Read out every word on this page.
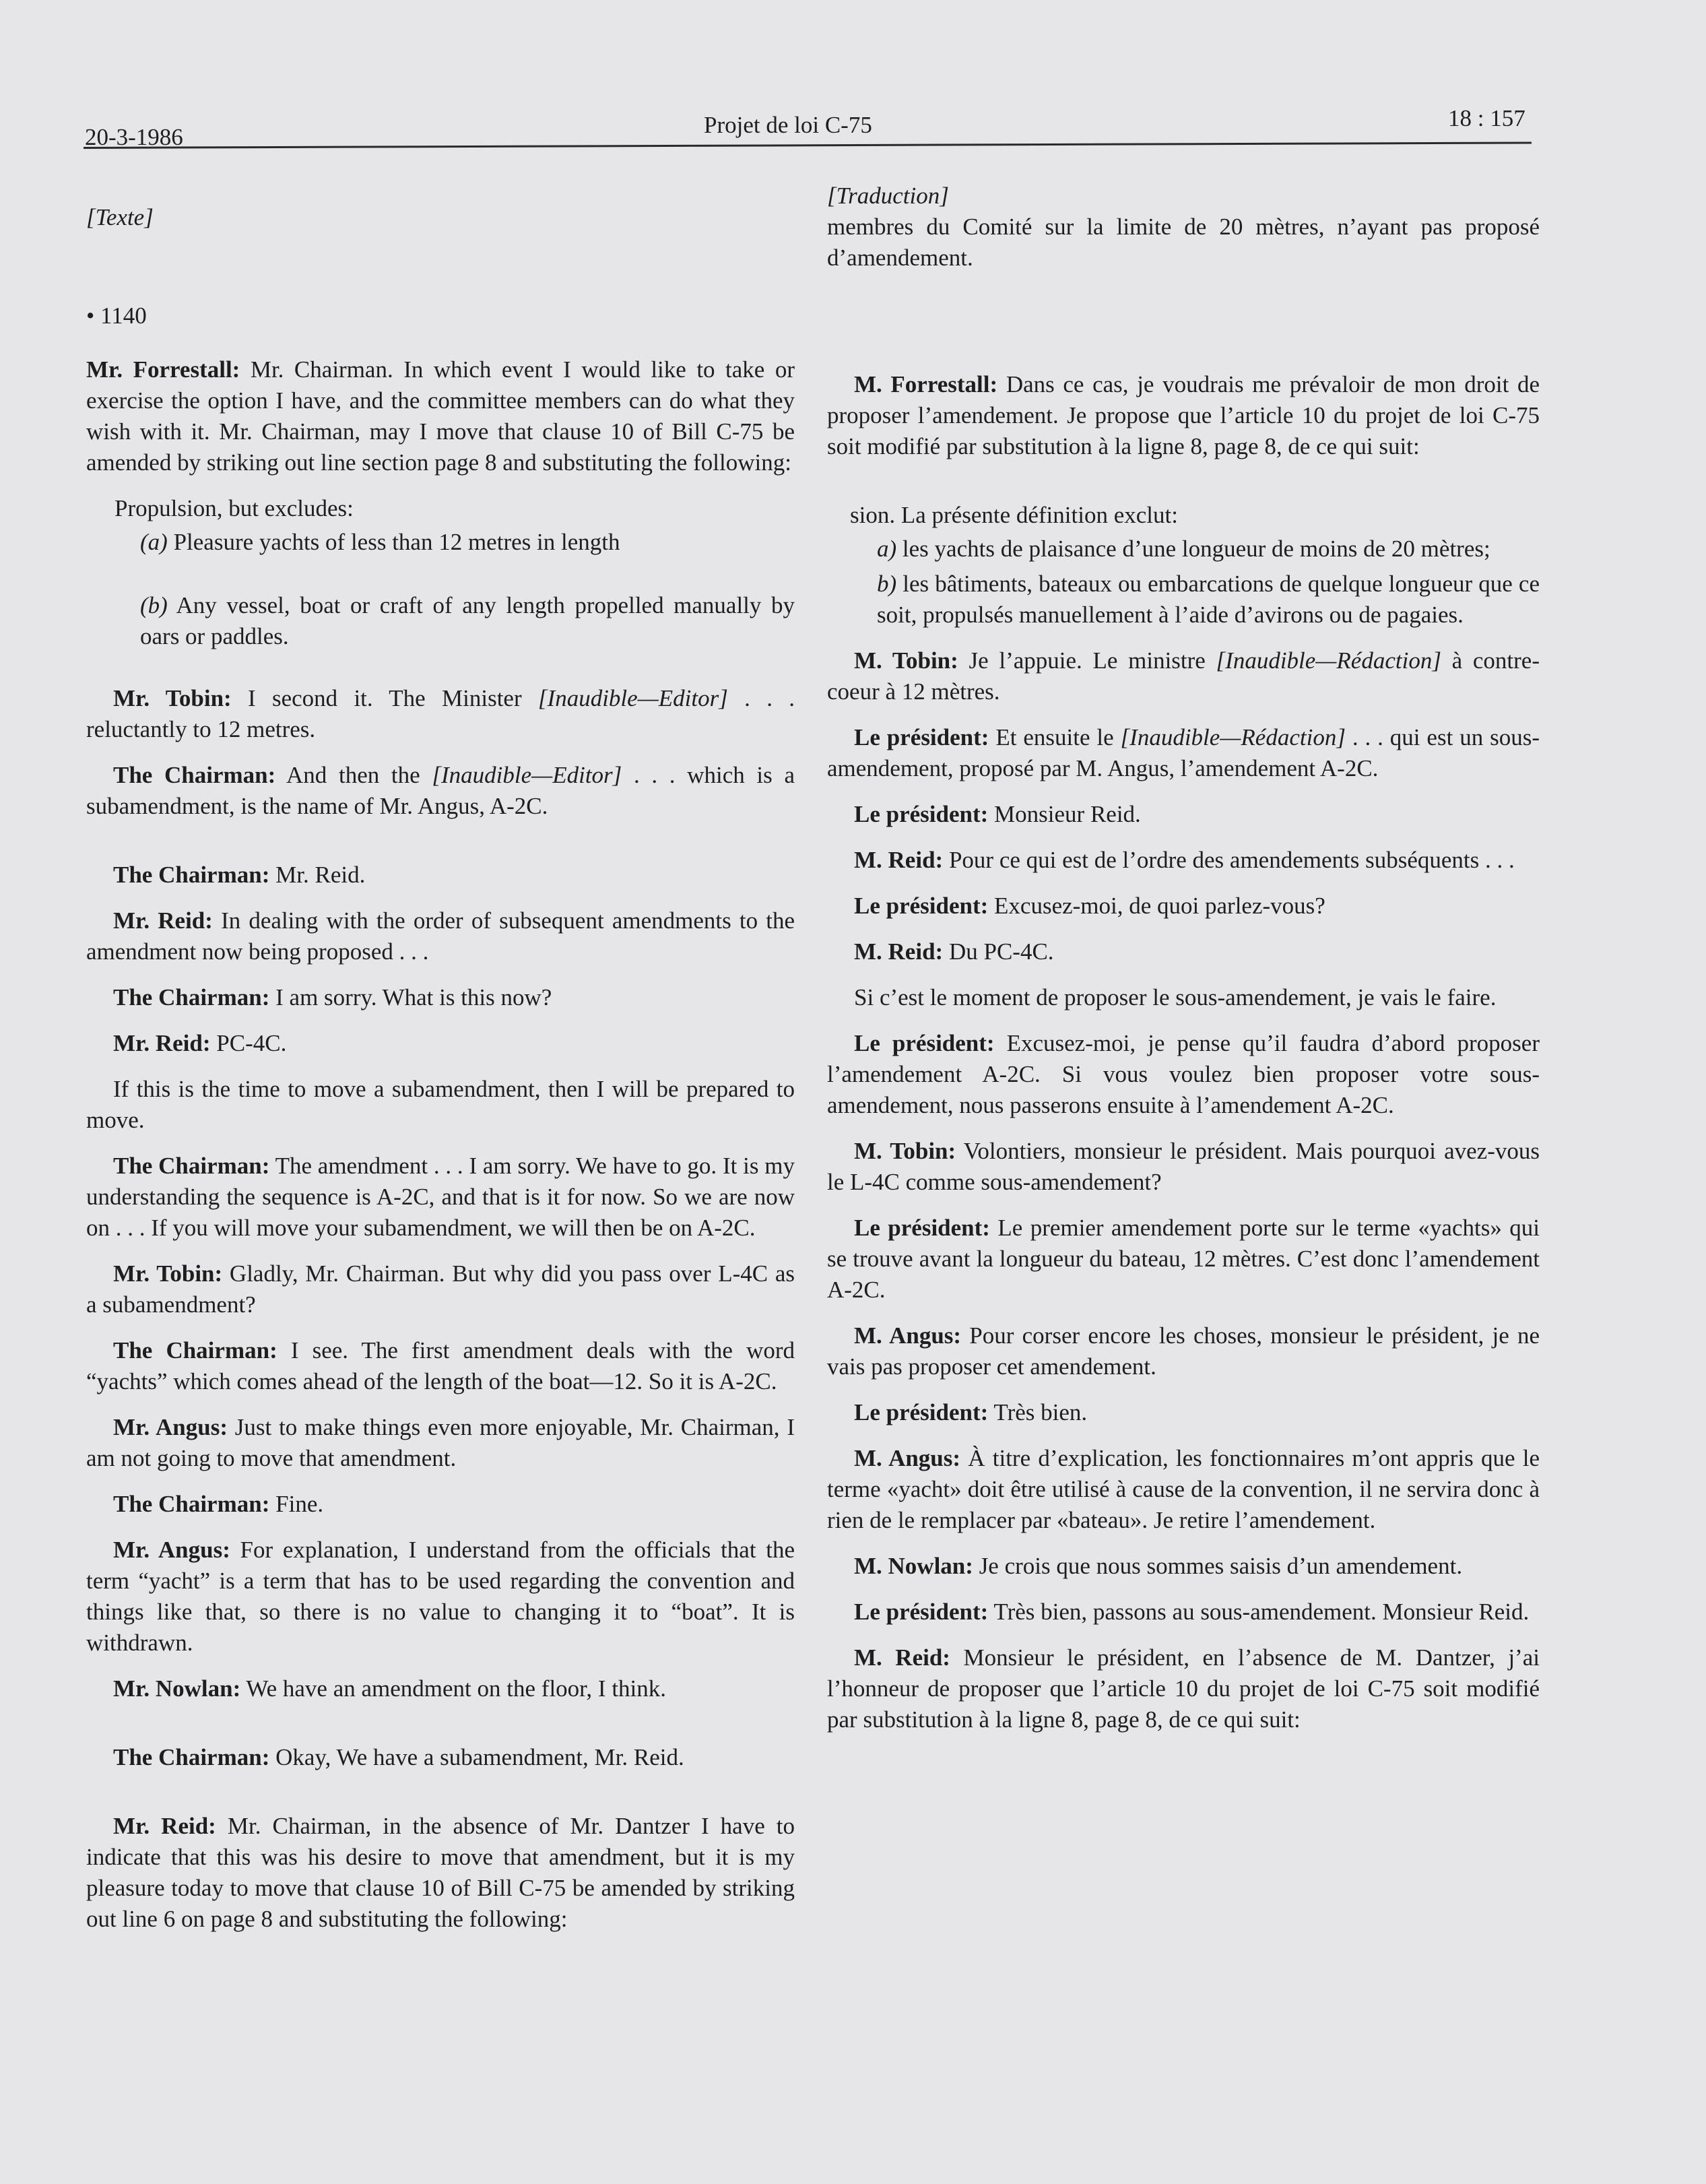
20-3-1986	Projet de loi C-75	18 : 157

[Texte]

• 1140

Mr. Forrestall: Mr. Chairman. In which event I would like to take or exercise the option I have, and the committee members can do what they wish with it. Mr. Chairman, may I move that clause 10 of Bill C-75 be amended by striking out line section page 8 and substituting the following:

Propulsion, but excludes:

(a) Pleasure yachts of less than 12 metres in length

(b) Any vessel, boat or craft of any length propelled manually by oars or paddles.

Mr. Tobin: I second it. The Minister [Inaudible—Editor] . . . reluctantly to 12 metres.

The Chairman: And then the [Inaudible—Editor] . . . which is a subamendment, is the name of Mr. Angus, A-2C.

The Chairman: Mr. Reid.

Mr. Reid: In dealing with the order of subsequent amendments to the amendment now being proposed . . .

The Chairman: I am sorry. What is this now?

Mr. Reid: PC-4C.

If this is the time to move a subamendment, then I will be prepared to move.

The Chairman: The amendment . . . I am sorry. We have to go. It is my understanding the sequence is A-2C, and that is it for now. So we are now on . . . If you will move your subamendment, we will then be on A-2C.

Mr. Tobin: Gladly, Mr. Chairman. But why did you pass over L-4C as a subamendment?

The Chairman: I see. The first amendment deals with the word “yachts” which comes ahead of the length of the boat—12. So it is A-2C.

Mr. Angus: Just to make things even more enjoyable, Mr. Chairman, I am not going to move that amendment.

The Chairman: Fine.

Mr. Angus: For explanation, I understand from the officials that the term “yacht” is a term that has to be used regarding the convention and things like that, so there is no value to changing it to “boat”. It is withdrawn.

Mr. Nowlan: We have an amendment on the floor, I think.

The Chairman: Okay, We have a subamendment, Mr. Reid.

Mr. Reid: Mr. Chairman, in the absence of Mr. Dantzer I have to indicate that this was his desire to move that amendment, but it is my pleasure today to move that clause 10 of Bill C-75 be amended by striking out line 6 on page 8 and substituting the following:

[Traduction]

membres du Comité sur la limite de 20 mètres, n’ayant pas proposé d’amendement.

M. Forrestall: Dans ce cas, je voudrais me prévaloir de mon droit de proposer l’amendement. Je propose que l’article 10 du projet de loi C-75 soit modifié par substitution à la ligne 8, page 8, de ce qui suit:

sion. La présente définition exclut:

a) les yachts de plaisance d’une longueur de moins de 20 mètres;

b) les bâtiments, bateaux ou embarcations de quelque longueur que ce soit, propulsés manuellement à l’aide d’avirons ou de pagaies.

M. Tobin: Je l’appuie. Le ministre [Inaudible—Rédaction] à contre-coeur à 12 mètres.

Le président: Et ensuite le [Inaudible—Rédaction] . . . qui est un sous-amendement, proposé par M. Angus, l’amendement A-2C.

Le président: Monsieur Reid.

M. Reid: Pour ce qui est de l’ordre des amendements subséquents . . .

Le président: Excusez-moi, de quoi parlez-vous?

M. Reid: Du PC-4C.

Si c’est le moment de proposer le sous-amendement, je vais le faire.

Le président: Excusez-moi, je pense qu’il faudra d’abord proposer l’amendement A-2C. Si vous voulez bien proposer votre sous-amendement, nous passerons ensuite à l’amendement A-2C.

M. Tobin: Volontiers, monsieur le président. Mais pourquoi avez-vous le L-4C comme sous-amendement?

Le président: Le premier amendement porte sur le terme «yachts» qui se trouve avant la longueur du bateau, 12 mètres. C’est donc l’amendement A-2C.

M. Angus: Pour corser encore les choses, monsieur le président, je ne vais pas proposer cet amendement.

Le président: Très bien.

M. Angus: À titre d’explication, les fonctionnaires m’ont appris que le terme «yacht» doit être utilisé à cause de la convention, il ne servira donc à rien de le remplacer par «bateau». Je retire l’amendement.

M. Nowlan: Je crois que nous sommes saisis d’un amendement.

Le président: Très bien, passons au sous-amendement. Monsieur Reid.

M. Reid: Monsieur le président, en l’absence de M. Dantzer, j’ai l’honneur de proposer que l’article 10 du projet de loi C-75 soit modifié par substitution à la ligne 8, page 8, de ce qui suit:
